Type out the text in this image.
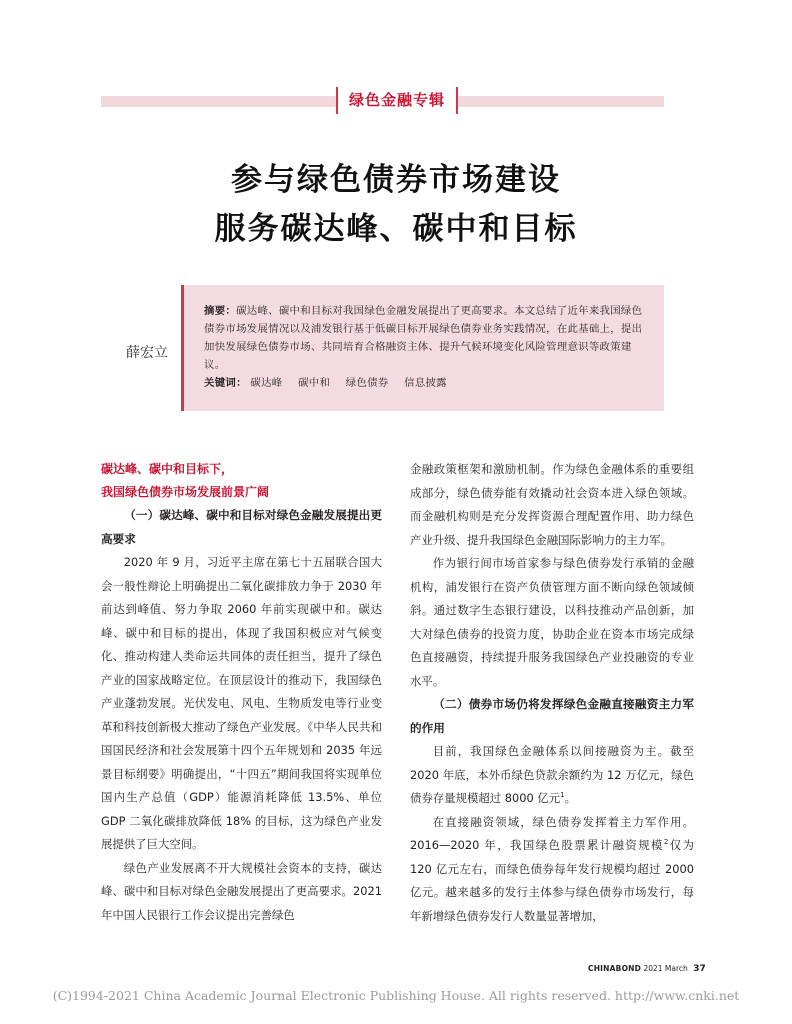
绿色金融专辑
参与绿色债券市场建设
服务碳达峰、碳中和目标
薛宏立

摘要：碳达峰、碳中和目标对我国绿色金融发展提出了更高要求。本文总结了近年来我国绿色债券市场发展情况以及浦发银行基于低碳目标开展绿色债券业务实践情况，在此基础上，提出加快发展绿色债券市场、共同培育合格融资主体、提升气候环境变化风险管理意识等政策建议。

关键词： 碳达峰 碳中和 绿色债券 信息披露

碳达峰、碳中和目标下，
我国绿色债券市场发展前景广阔

（一）碳达峰、碳中和目标对绿色金融发展提出更高要求

2020 年 9 月，习近平主席在第七十五届联合国大会一般性辩论上明确提出二氧化碳排放力争于 2030 年前达到峰值、努力争取 2060 年前实现碳中和。碳达峰、碳中和目标的提出，体现了我国积极应对气候变化、推动构建人类命运共同体的责任担当，提升了绿色产业的国家战略定位。在顶层设计的推动下，我国绿色产业蓬勃发展。光伏发电、风电、生物质发电等行业变革和科技创新极大推动了绿色产业发展。《中华人民共和国国民经济和社会发展第十四个五年规划和 2035 年远景目标纲要》明确提出，“十四五”期间我国将实现单位国内生产总值（GDP）能源消耗降低 13.5%、单位 GDP 二氧化碳排放降低 18% 的目标，这为绿色产业发展提供了巨大空间。

绿色产业发展离不开大规模社会资本的支持，碳达峰、碳中和目标对绿色金融发展提出了更高要求。2021 年中国人民银行工作会议提出完善绿色

金融政策框架和激励机制。作为绿色金融体系的重要组成部分，绿色债券能有效撬动社会资本进入绿色领域。而金融机构则是充分发挥资源合理配置作用、助力绿色产业升级、提升我国绿色金融国际影响力的主力军。

作为银行间市场首家参与绿色债券发行承销的金融机构，浦发银行在资产负债管理方面不断向绿色领域倾斜。通过数字生态银行建设，以科技推动产品创新，加大对绿色债券的投资力度，协助企业在资本市场完成绿色直接融资，持续提升服务我国绿色产业投融资的专业水平。

（二）债券市场仍将发挥绿色金融直接融资主力军的作用

目前，我国绿色金融体系以间接融资为主。截至 2020 年底，本外币绿色贷款余额约为 12 万亿元，绿色债券存量规模超过 8000 亿元$^1$。

在直接融资领域，绿色债券发挥着主力军作用。2016—2020 年，我国绿色股票累计融资规模$^2$仅为 120 亿元左右，而绿色债券每年发行规模均超过 2000 亿元。越来越多的发行主体参与绿色债券市场发行，每年新增绿色债券发行人数量显著增加，

CHINABOND 2021 March 37
(C)1994-2021 China Academic Journal Electronic Publishing House. All rights reserved. http://www.cnki.net
